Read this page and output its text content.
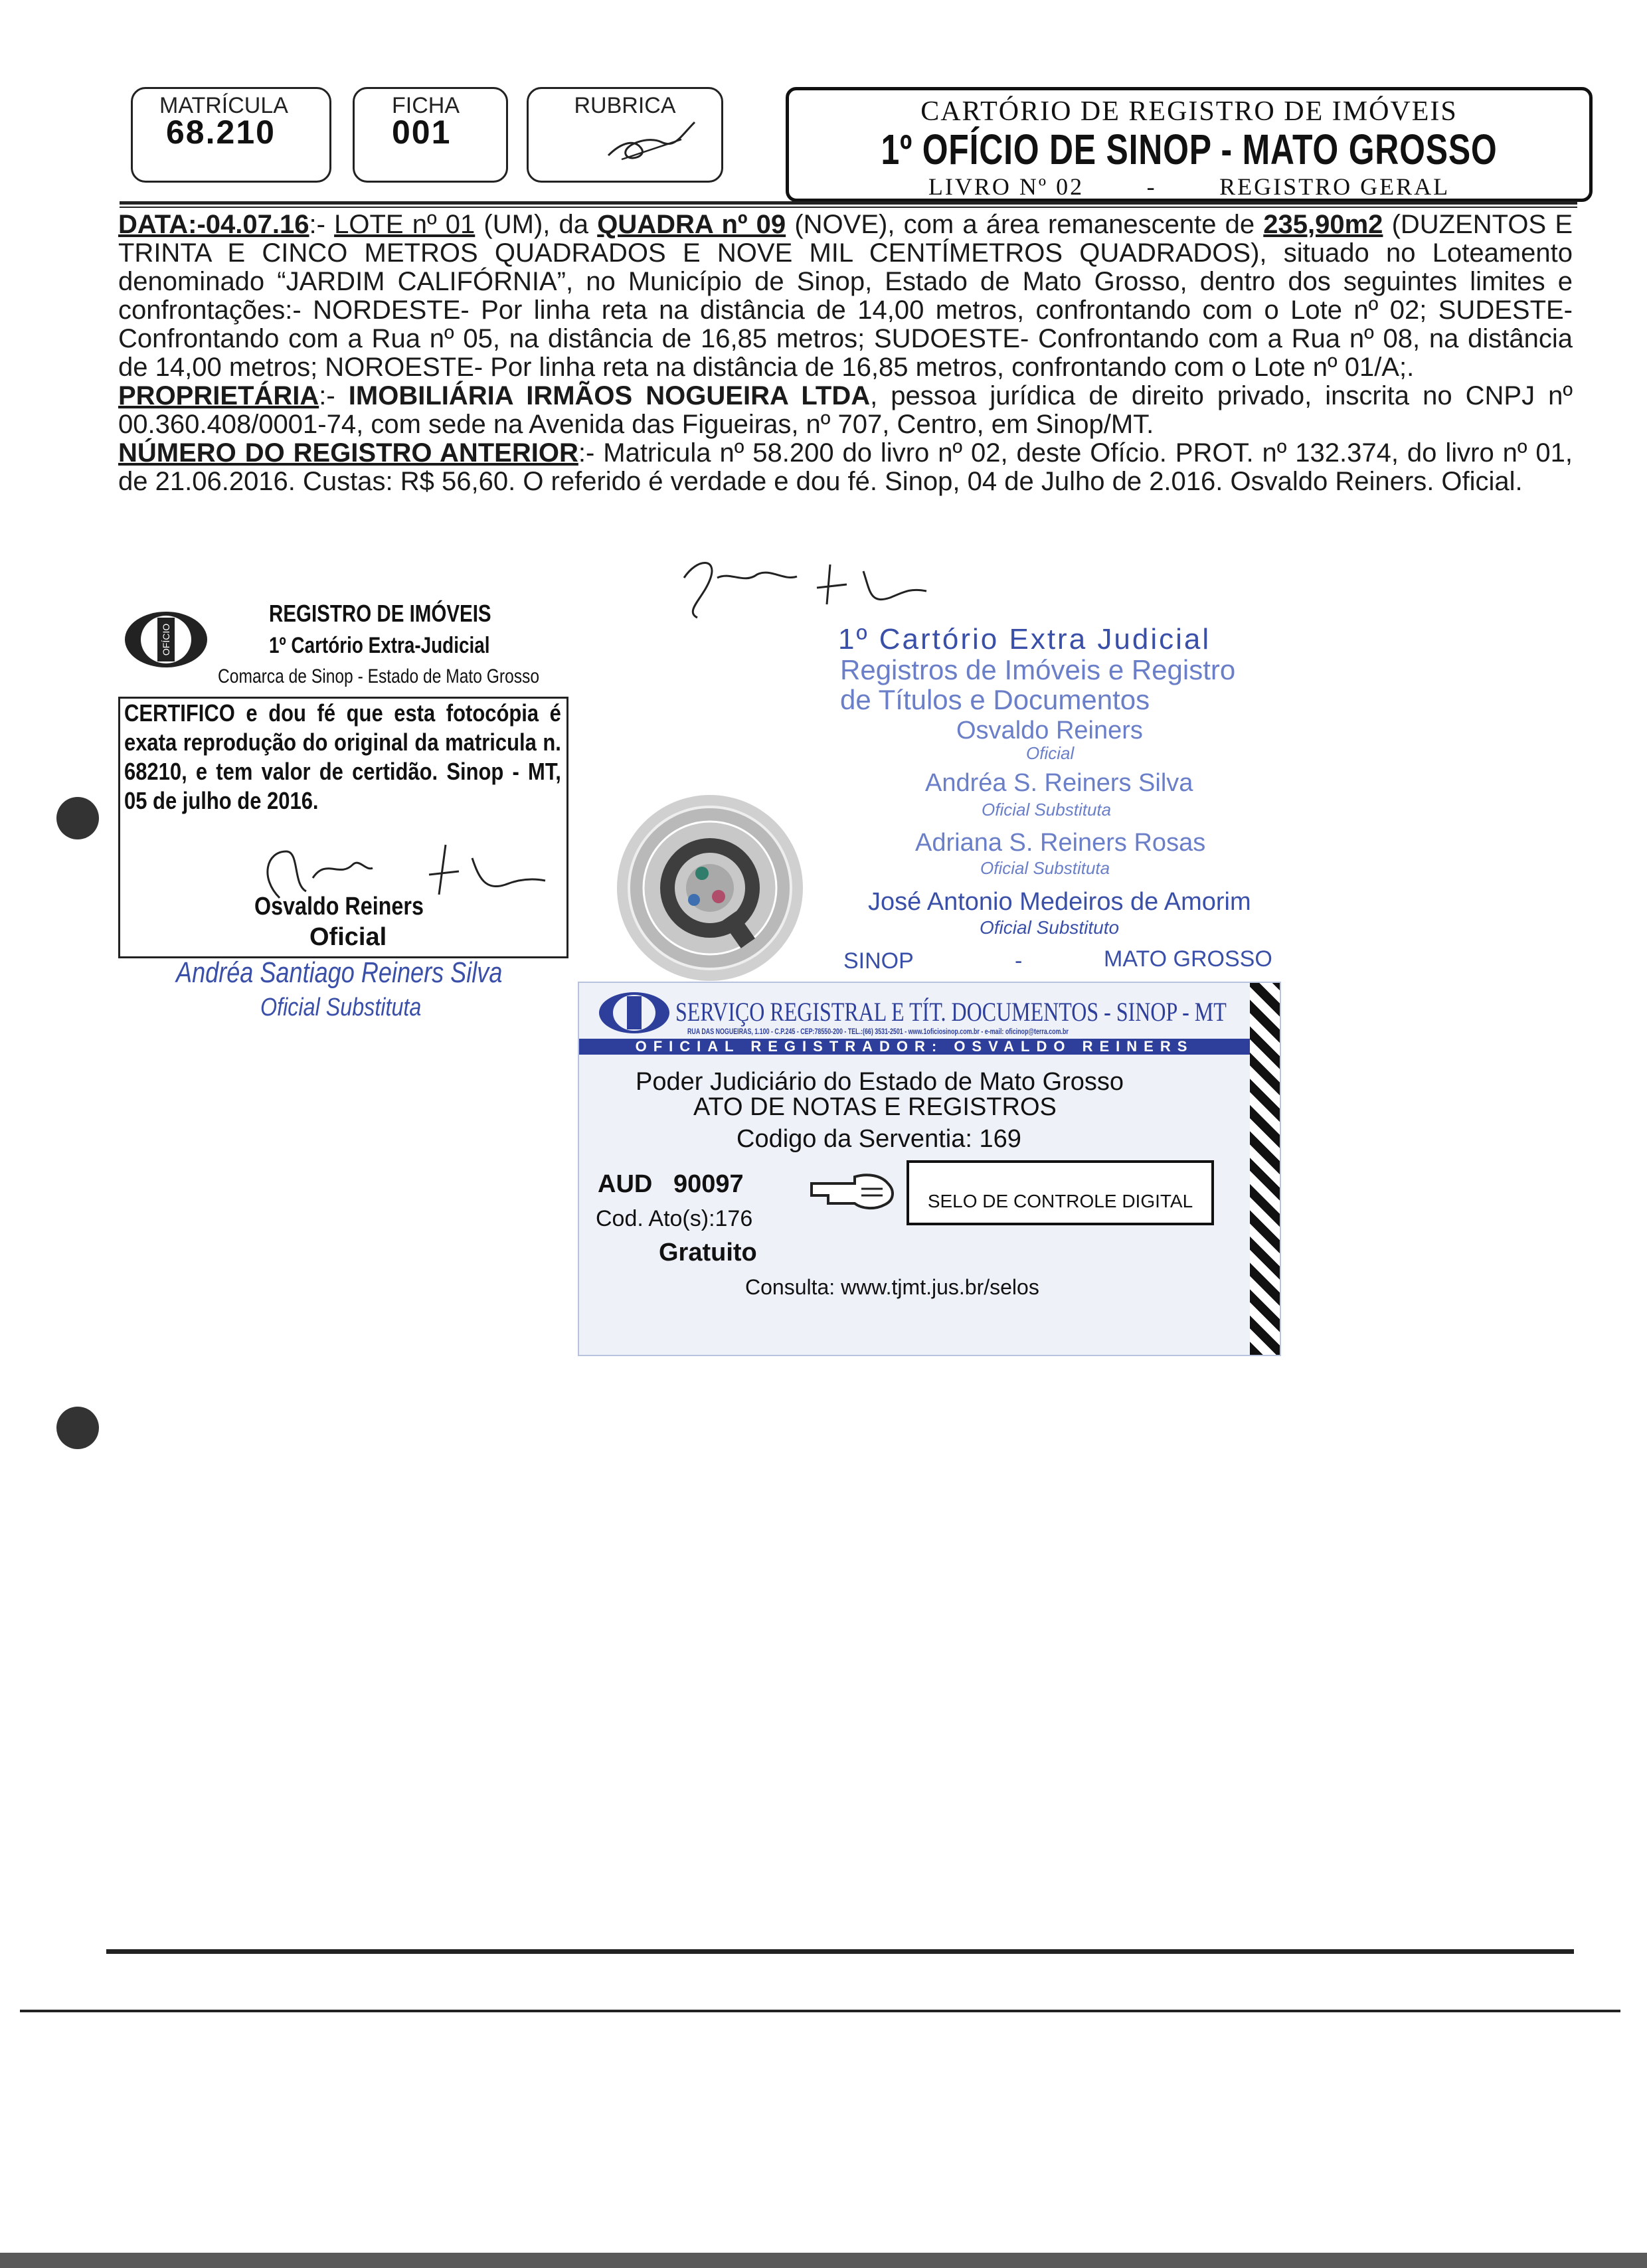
MATRÍCULA
68.210
FICHA
001
RUBRICA	CARTÓRIO DE REGISTRO DE IMÓVEIS
1º OFÍCIO DE SINOP - MATO GROSSO
LIVRO Nº 02	-	REGISTRO GERAL

DATA:-04.07.16:- LOTE nº 01 (UM), da QUADRA nº 09 (NOVE), com a área remanescente de 235,90m2 (DUZENTOS E TRINTA E CINCO METROS QUADRADOS E NOVE MIL CENTÍMETROS QUADRADOS), situado no Loteamento denominado “JARDIM CALIFÓRNIA”, no Município de Sinop, Estado de Mato Grosso, dentro dos seguintes limites e confrontações:- NORDESTE- Por linha reta na distância de 14,00 metros, confrontando com o Lote nº 02; SUDESTE- Confrontando com a Rua nº 05, na distância de 16,85 metros; SUDOESTE- Confrontando com a Rua nº 08, na distância de 14,00 metros; NOROESTE- Por linha reta na distância de 16,85 metros, confrontando com o Lote nº 01/A;.

PROPRIETÁRIA:- IMOBILIÁRIA IRMÃOS NOGUEIRA LTDA, pessoa jurídica de direito privado, inscrita no CNPJ nº 00.360.408/0001-74, com sede na Avenida das Figueiras, nº 707, Centro, em Sinop/MT.

NÚMERO DO REGISTRO ANTERIOR:- Matricula nº 58.200 do livro nº 02, deste Ofício. PROT. nº 132.374, do livro nº 01, de 21.06.2016. Custas: R$ 56,60. O referido é verdade e dou fé. Sinop, 04 de Julho de 2.016. Osvaldo Reiners. Oficial.

OFÍCIO
REGISTRO DE IMÓVEIS
1º Cartório Extra-Judicial
Comarca de Sinop - Estado de Mato Grosso
CERTIFICO e dou fé que esta fotocópia é exata reprodução do original da matricula n. 68210, e tem valor de certidão. Sinop - MT, 05 de julho de 2016.
Osvaldo Reiners
Oficial
Andréa Santiago Reiners Silva
Oficial Substituta
1º Cartório Extra Judicial
Registros de Imóveis e Registro
de Títulos e Documentos
Osvaldo Reiners
Oficial
Andréa S. Reiners Silva
Oficial Substituta
Adriana S. Reiners Rosas
Oficial Substituta
José Antonio Medeiros de Amorim
Oficial Substituto
SINOP	-	MATO GROSSO
SERVIÇO REGISTRAL E TÍT. DOCUMENTOS - SINOP - MT
RUA DAS NOGUEIRAS, 1.100 - C.P.245 - CEP:78550-200 - TEL.:(66) 3531-2501 - www.1oficiosinop.com.br - e-mail: oficinop@terra.com.br
OFICIAL REGISTRADOR: OSVALDO REINERS
Poder Judiciário do Estado de Mato Grosso
ATO DE NOTAS E REGISTROS
Codigo da Serventia: 169
AUD   90097
Cod. Ato(s):176
Gratuito
SELO DE CONTROLE DIGITAL
Consulta: www.tjmt.jus.br/selos
